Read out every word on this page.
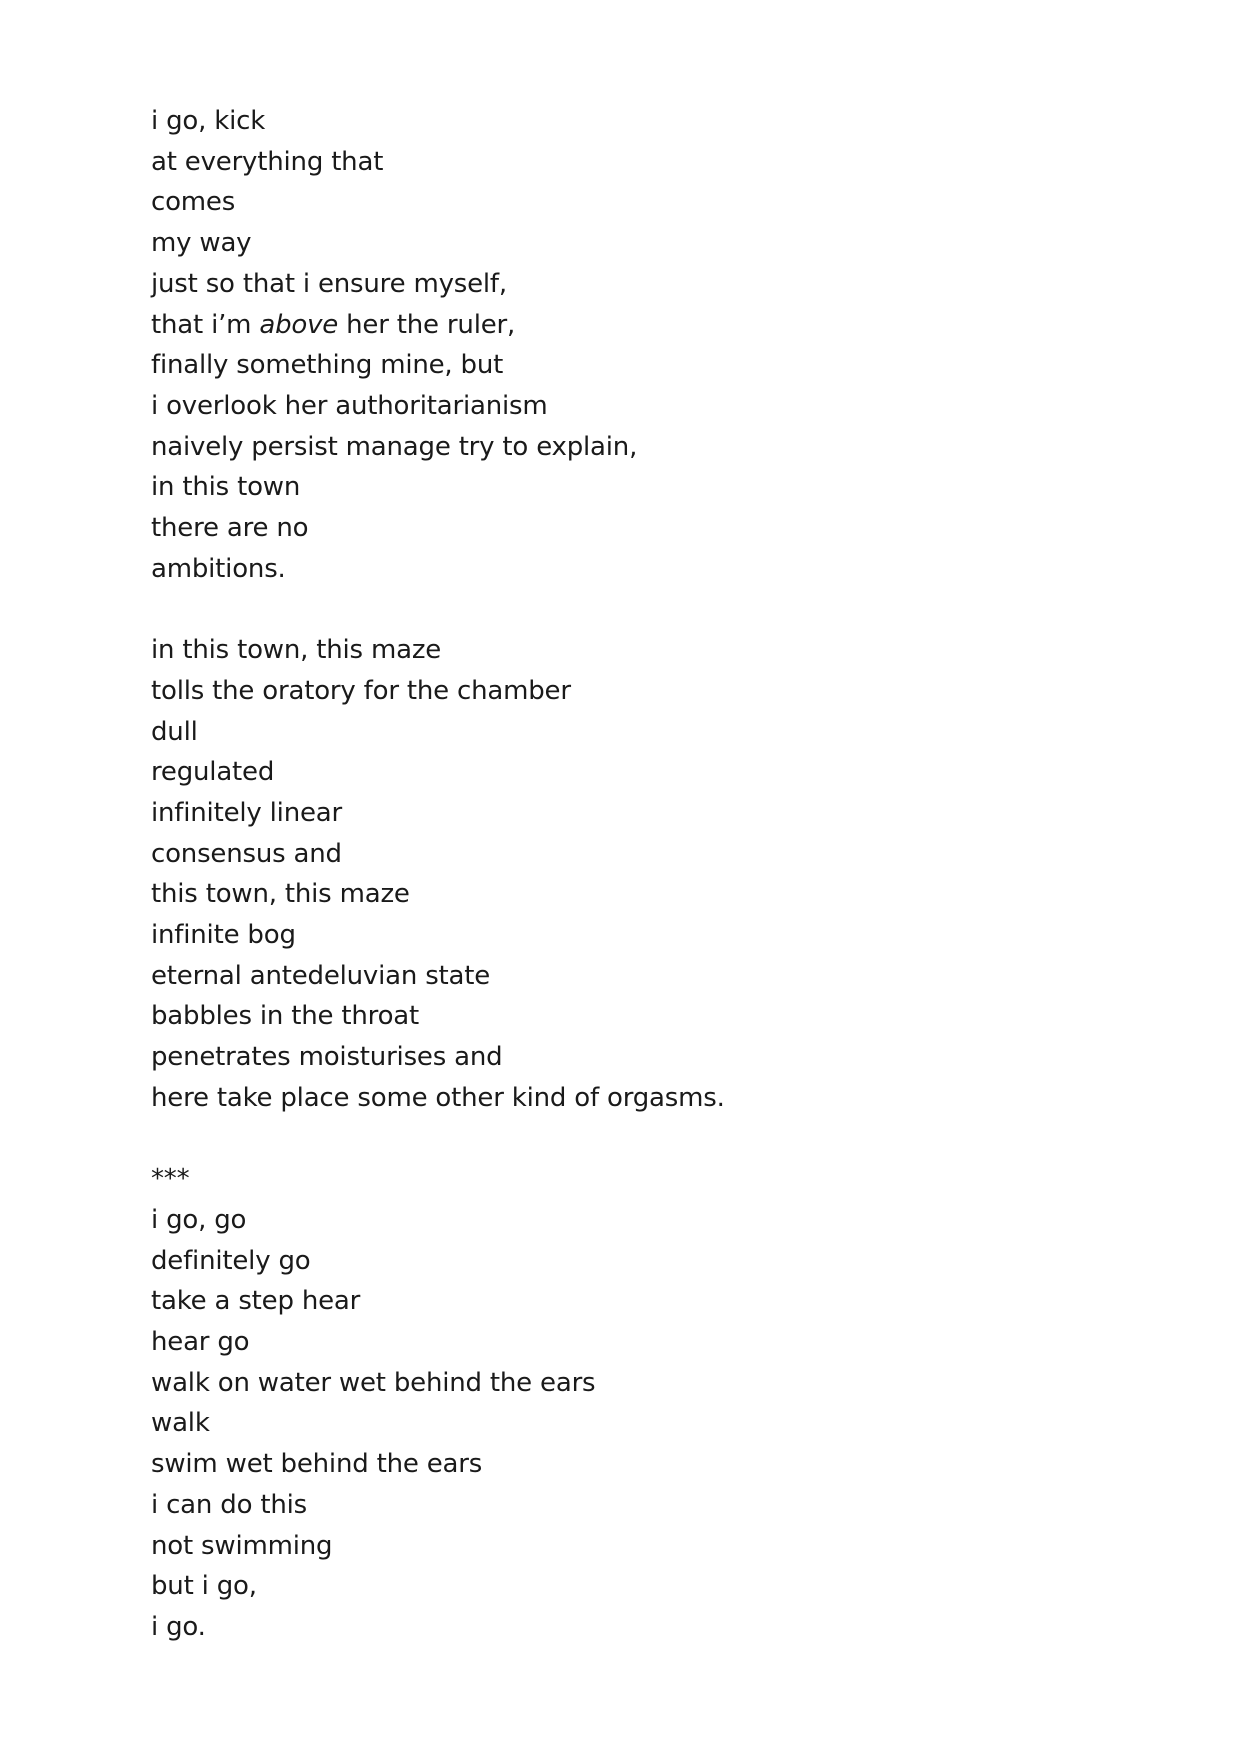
i go, kick
at everything that
comes
my way
just so that i ensure myself,
that i’m above her the ruler,
finally something mine, but
i overlook her authoritarianism
naively persist manage try to explain,
in this town
there are no
ambitions.
in this town, this maze
tolls the oratory for the chamber
dull
regulated
infinitely linear
consensus and
this town, this maze
infinite bog
eternal antedeluvian state
babbles in the throat
penetrates moisturises and
here take place some other kind of orgasms.
***
i go, go
definitely go
take a step hear
hear go
walk on water wet behind the ears
walk
swim wet behind the ears
i can do this
not swimming
but i go,
i go.
